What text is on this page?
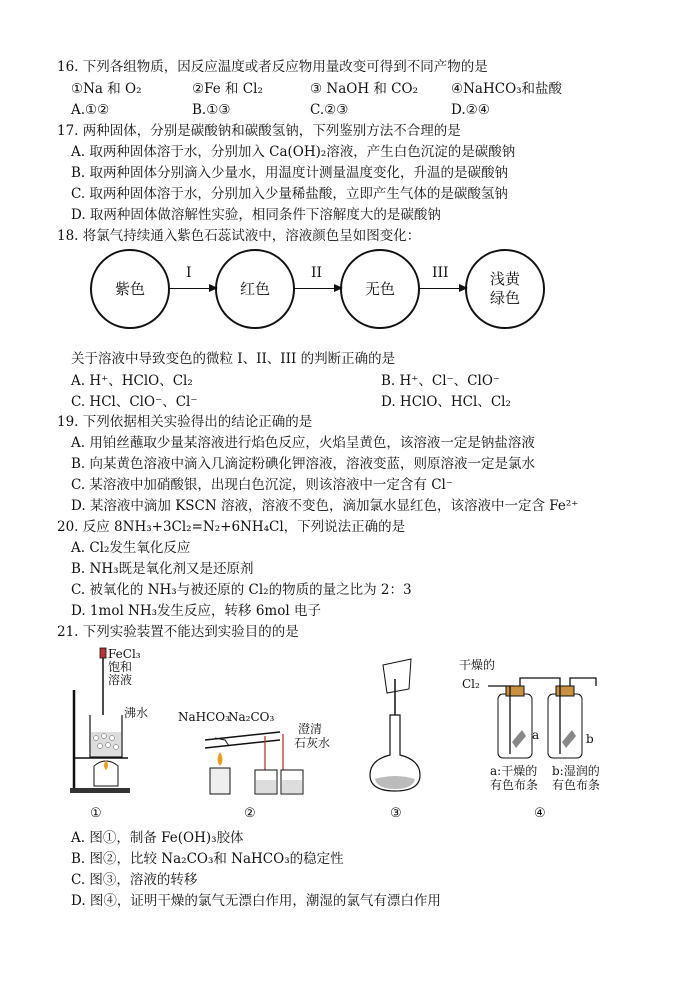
16. 下列各组物质，因反应温度或者反应物用量改变可得到不同产物的是
①Na 和 O₂	②Fe 和 Cl₂	③ NaOH 和 CO₂ ④NaHCO₃和盐酸
A.①②	B.①③	C.②③	D.②④
17. 两种固体，分别是碳酸钠和碳酸氢钠，下列鉴别方法不合理的是
A. 取两种固体溶于水，分别加入 Ca(OH)₂溶液，产生白色沉淀的是碳酸钠
B. 取两种固体分别滴入少量水，用温度计测量温度变化，升温的是碳酸钠
C. 取两种固体溶于水，分别加入少量稀盐酸，立即产生气体的是碳酸氢钠
D. 取两种固体做溶解性实验，相同条件下溶解度大的是碳酸钠
18. 将氯气持续通入紫色石蕊试液中，溶液颜色呈如图变化：
紫色
I
红色
II
无色
III	浅黄
绿色
关于溶液中导致变色的微粒 I、II、III 的判断正确的是
A. H⁺、HClO、Cl₂	B. H⁺、Cl⁻、ClO⁻
C. HCl、ClO⁻、Cl⁻	D. HClO、HCl、Cl₂
19. 下列依据相关实验得出的结论正确的是
A. 用铂丝蘸取少量某溶液进行焰色反应，火焰呈黄色，该溶液一定是钠盐溶液
B. 向某黄色溶液中滴入几滴淀粉碘化钾溶液，溶液变蓝，则原溶液一定是氯水
C. 某溶液中加硝酸银，出现白色沉淀，则该溶液中一定含有 Cl⁻
D. 某溶液中滴加 KSCN 溶液，溶液不变色，滴加氯水显红色，该溶液中一定含 Fe²⁺
20. 反应 8NH₃+3Cl₂=N₂+6NH₄Cl，下列说法正确的是
A. Cl₂发生氧化反应
B. NH₃既是氧化剂又是还原剂
C. 被氧化的 NH₃与被还原的 Cl₂的物质的量之比为 2：3
D. 1mol NH₃发生反应，转移 6mol 电子
21. 下列实验装置不能达到实验目的的是
FeCl₃
饱和
溶液
沸水
①
NaHCO₃
Na₂CO₃
澄清
石灰水
②	③
干燥的
Cl₂
a	b
a:干燥的
有色布条
b:湿润的
有色布条
④
A. 图①，制备 Fe(OH)₃胶体
B. 图②，比较 Na₂CO₃和 NaHCO₃的稳定性
C. 图③，溶液的转移
D. 图④，证明干燥的氯气无漂白作用，潮湿的氯气有漂白作用
